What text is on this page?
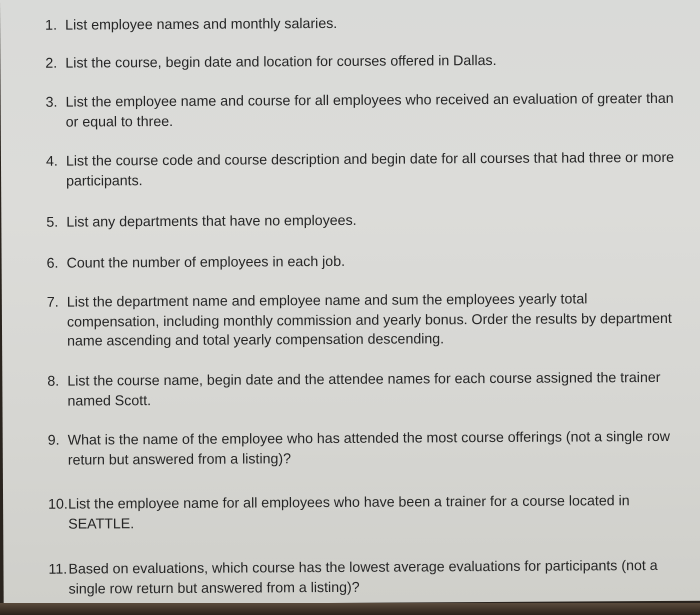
1. List employee names and monthly salaries.
2. List the course, begin date and location for courses offered in Dallas.
3. List the employee name and course for all employees who received an evaluation of greater than or equal to three.
4. List the course code and course description and begin date for all courses that had three or more participants.
5. List any departments that have no employees.
6. Count the number of employees in each job.
7. List the department name and employee name and sum the employees yearly total compensation, including monthly commission and yearly bonus. Order the results by department name ascending and total yearly compensation descending.
8. List the course name, begin date and the attendee names for each course assigned the trainer named Scott.
9. What is the name of the employee who has attended the most course offerings (not a single row return but answered from a listing)?
10. List the employee name for all employees who have been a trainer for a course located in SEATTLE.
11. Based on evaluations, which course has the lowest average evaluations for participants (not a single row return but answered from a listing)?
